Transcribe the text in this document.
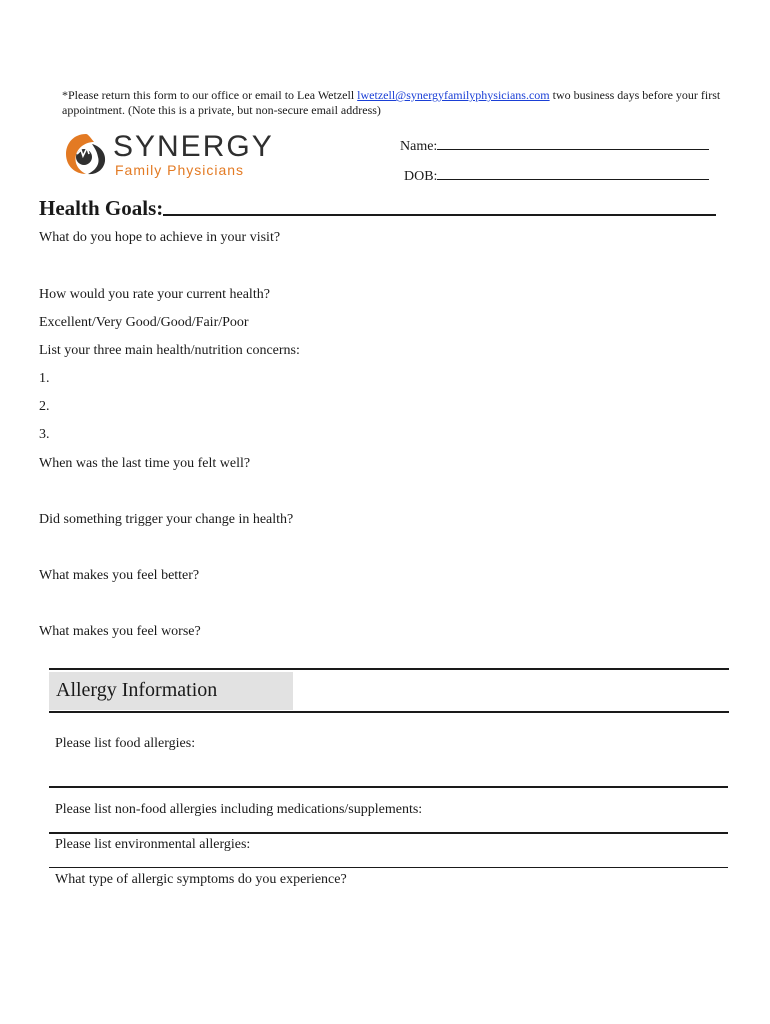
*Please return this form to our office or email to Lea Wetzell lwetzell@synergyfamilyphysicians.com two business days before your first appointment. (Note this is a private, but non-secure email address)
SYNERGY
Family Physicians
Name:
DOB:
Health Goals:
What do you hope to achieve in your visit?
How would you rate your current health?
Excellent/Very Good/Good/Fair/Poor
List your three main health/nutrition concerns:
1.
2.
3.
When was the last time you felt well?
Did something trigger your change in health?
What makes you feel better?
What makes you feel worse?
Allergy Information
Please list food allergies:
Please list non-food allergies including medications/supplements:
Please list environmental allergies:
What type of allergic symptoms do you experience?
